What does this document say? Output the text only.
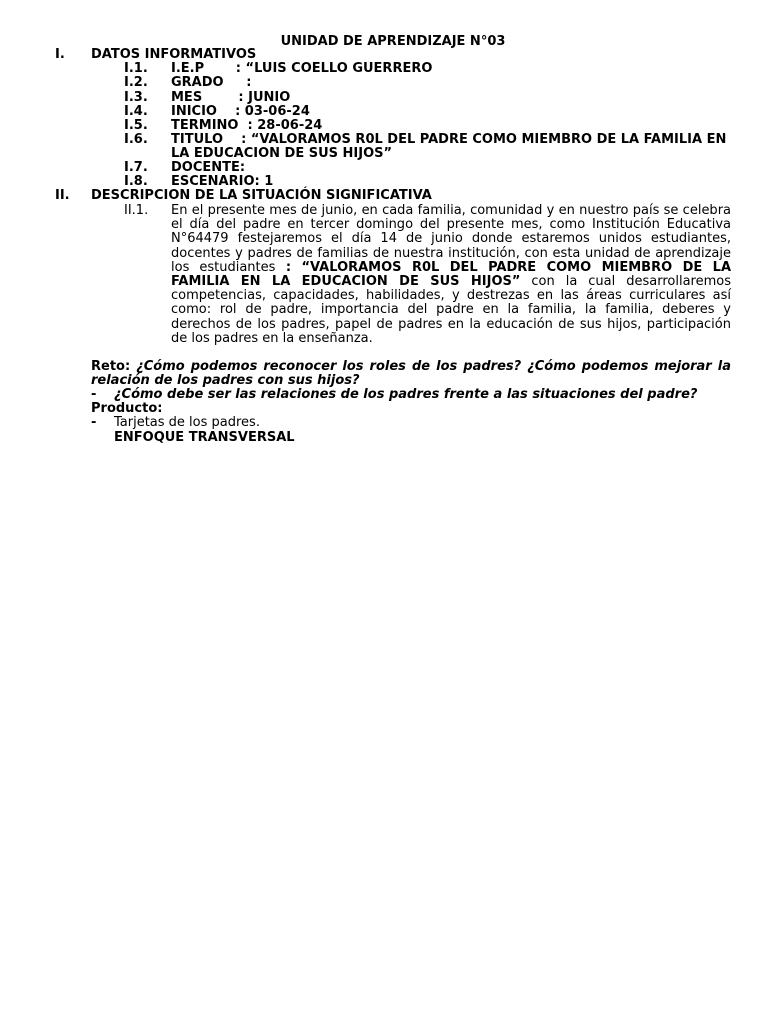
UNIDAD DE APRENDIZAJE N°03
I. DATOS INFORMATIVOS
I.1. I.E.P       : “LUIS COELLO GUERRERO
I.2. GRADO     :
I.3. MES        : JUNIO
I.4. INICIO    : 03-06-24
I.5. TERMINO  : 28-06-24
I.6. TITULO    : “VALORAMOS R0L DEL PADRE COMO MIEMBRO DE LA FAMILIA EN
LA EDUCACION DE SUS HIJOS”
I.7. DOCENTE:
I.8. ESCENARIO: 1
II. DESCRIPCION DE LA SITUACIÓN SIGNIFICATIVA
II.1. En el presente mes de junio, en cada familia, comunidad y en nuestro país se celebra el día del padre en tercer domingo del presente mes, como Institución Educativa N°64479 festejaremos el día 14 de junio donde estaremos unidos estudiantes, docentes y padres de familias de nuestra institución, con esta unidad de aprendizaje los estudiantes : “VALORAMOS R0L DEL PADRE COMO MIEMBRO DE LA FAMILIA EN LA EDUCACION DE SUS HIJOS” con la cual desarrollaremos competencias, capacidades, habilidades, y destrezas en las áreas curriculares así como: rol de padre, importancia del padre en la familia, la familia, deberes y derechos de los padres, papel de padres en la educación de sus hijos, participación de los padres en la enseñanza.
Reto: ¿Cómo podemos reconocer los roles de los padres? ¿Cómo podemos mejorar la relación de los padres con sus hijos?
- ¿Cómo debe ser las relaciones de los padres frente a las situaciones del padre?
Producto:
- Tarjetas de los padres.
ENFOQUE TRANSVERSAL
